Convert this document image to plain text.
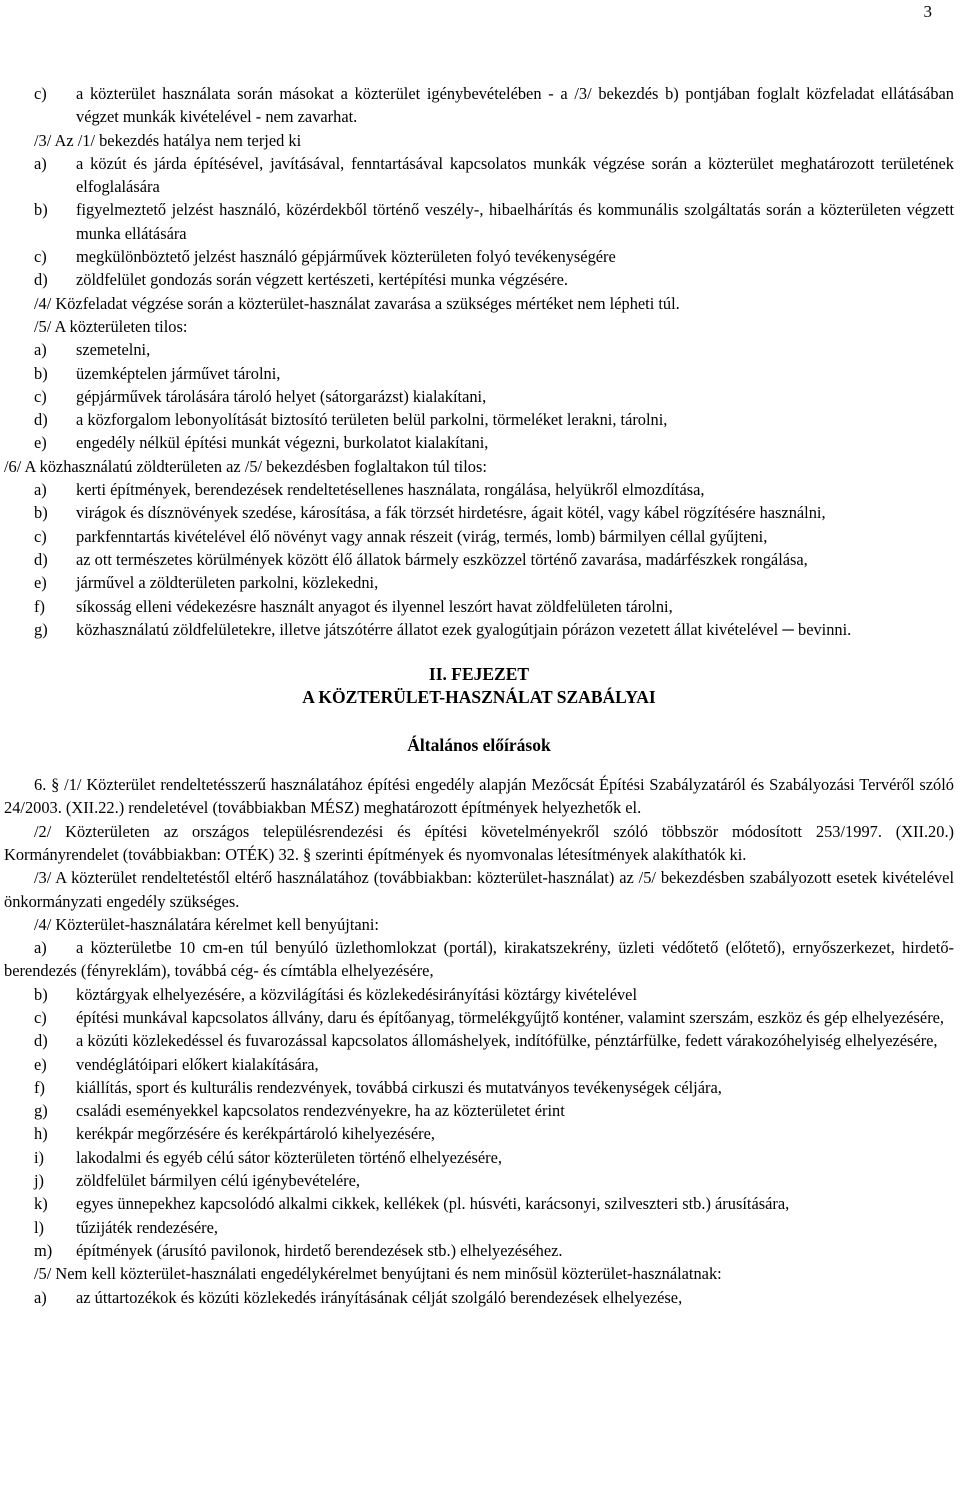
3

c) a közterület használata során másokat a közterület igénybevételében - a /3/ bekezdés b) pontjában foglalt közfeladat ellátásában végzet munkák kivételével - nem zavarhat.

/3/ Az /1/ bekezdés hatálya nem terjed ki

a) a közút és járda építésével, javításával, fenntartásával kapcsolatos munkák végzése során a közterület meghatározott területének elfoglalására

b) figyelmeztető jelzést használó, közérdekből történő veszély-, hibaelhárítás és kommunális szolgáltatás során a közterületen végzett munka ellátására

c) megkülönböztető jelzést használó gépjárművek közterületen folyó tevékenységére

d) zöldfelület gondozás során végzett kertészeti, kertépítési munka végzésére.

/4/ Közfeladat végzése során a közterület-használat zavarása a szükséges mértéket nem lépheti túl.

/5/ A közterületen tilos:

a) szemetelni,

b) üzemképtelen járművet tárolni,

c) gépjárművek tárolására tároló helyet (sátorgarázst) kialakítani,

d) a közforgalom lebonyolítását biztosító területen belül parkolni, törmeléket lerakni, tárolni,

e) engedély nélkül építési munkát végezni, burkolatot kialakítani,

/6/ A közhasználatú zöldterületen az /5/ bekezdésben foglaltakon túl tilos:

a) kerti építmények, berendezések rendeltetésellenes használata, rongálása, helyükről elmozdítása,

b) virágok és dísznövények szedése, károsítása, a fák törzsét hirdetésre, ágait kötél, vagy kábel rögzítésére használni,

c) parkfenntartás kivételével élő növényt vagy annak részeit (virág, termés, lomb) bármilyen céllal gyűjteni,

d) az ott természetes körülmények között élő állatok bármely eszközzel történő zavarása, madárfészkek rongálása,

e) járművel a zöldterületen parkolni, közlekedni,

f) síkosság elleni védekezésre használt anyagot és ilyennel leszórt havat zöldfelületen tárolni,

g) közhasználatú zöldfelületekre, illetve játszótérre állatot ezek gyalogútjain pórázon vezetett állat kivételével ─ bevinni.

II. FEJEZET

A KÖZTERÜLET-HASZNÁLAT SZABÁLYAI

Általános előírások

6. § /1/ Közterület rendeltetésszerű használatához építési engedély alapján Mezőcsát Építési Szabályzatáról és Szabályozási Tervéről szóló 24/2003. (XII.22.) rendeletével (továbbiakban MÉSZ) meghatározott építmények helyezhetők el.

/2/ Közterületen az országos településrendezési és építési követelményekről szóló többször módosított 253/1997. (XII.20.) Kormányrendelet (továbbiakban: OTÉK) 32. § szerinti építmények és nyomvonalas létesítmények alakíthatók ki.

/3/ A közterület rendeltetéstől eltérő használatához (továbbiakban: közterület-használat) az /5/ bekezdésben szabályozott esetek kivételével önkormányzati engedély szükséges.

/4/ Közterület-használatára kérelmet kell benyújtani:

a) a közterületbe 10 cm-en túl benyúló üzlethomlokzat (portál), kirakatszekrény, üzleti védőtető (előtető), ernyőszerkezet, hirdető-berendezés (fényreklám), továbbá cég- és címtábla elhelyezésére,

b) köztárgyak elhelyezésére, a közvilágítási és közlekedésirányítási köztárgy kivételével

c) építési munkával kapcsolatos állvány, daru és építőanyag, törmelékgyűjtő konténer, valamint szerszám, eszköz és gép elhelyezésére,

d) a közúti közlekedéssel és fuvarozással kapcsolatos állomáshelyek, indítófülke, pénztárfülke, fedett várakozóhelyiség elhelyezésére,

e) vendéglátóipari előkert kialakítására,

f) kiállítás, sport és kulturális rendezvények, továbbá cirkuszi és mutatványos tevékenységek céljára,

g) családi eseményekkel kapcsolatos rendezvényekre, ha az közterületet érint

h) kerékpár megőrzésére és kerékpártároló kihelyezésére,

i) lakodalmi és egyéb célú sátor közterületen történő elhelyezésére,

j) zöldfelület bármilyen célú igénybevételére,

k) egyes ünnepekhez kapcsolódó alkalmi cikkek, kellékek (pl. húsvéti, karácsonyi, szilveszteri stb.) árusítására,

l) tűzijáték rendezésére,

m) építmények (árusító pavilonok, hirdető berendezések stb.) elhelyezéséhez.

/5/ Nem kell közterület-használati engedélykérelmet benyújtani és nem minősül közterület-használatnak:

a) az úttartozékok és közúti közlekedés irányításának célját szolgáló berendezések elhelyezése,
